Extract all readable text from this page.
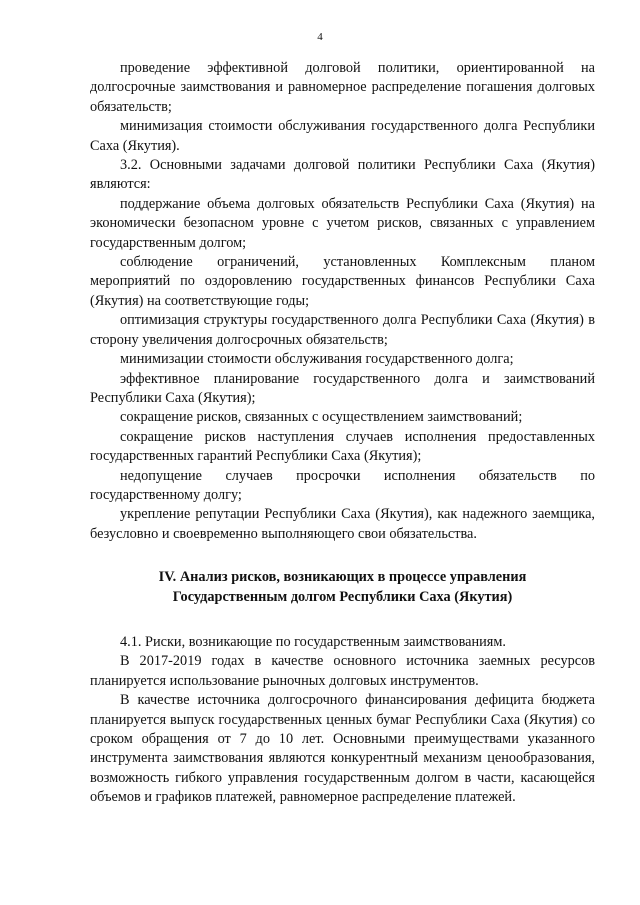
4

проведение эффективной долговой политики, ориентированной на долгосрочные заимствования и равномерное распределение погашения долговых обязательств;

минимизация стоимости обслуживания государственного долга Республики Саха (Якутия).

3.2. Основными задачами долговой политики Республики Саха (Якутия) являются:

поддержание объема долговых обязательств Республики Саха (Якутия) на экономически безопасном уровне с учетом рисков, связанных с управлением государственным долгом;

соблюдение ограничений, установленных Комплексным планом мероприятий по оздоровлению государственных финансов Республики Саха (Якутия) на соответствующие годы;

оптимизация структуры государственного долга Республики Саха (Якутия) в сторону увеличения долгосрочных обязательств;

минимизации стоимости обслуживания государственного долга;

эффективное планирование государственного долга и заимствований Республики Саха (Якутия);

сокращение рисков, связанных с осуществлением заимствований;

сокращение рисков наступления случаев исполнения предоставленных государственных гарантий Республики Саха (Якутия);

недопущение случаев просрочки исполнения обязательств по государственному долгу;

укрепление репутации Республики Саха (Якутия), как надежного заемщика, безусловно и своевременно выполняющего свои обязательства.

IV. Анализ рисков, возникающих в процессе управления
Государственным долгом Республики Саха (Якутия)

4.1. Риски, возникающие по государственным заимствованиям.

В 2017-2019 годах в качестве основного источника заемных ресурсов планируется использование рыночных долговых инструментов.

В качестве источника долгосрочного финансирования дефицита бюджета планируется выпуск государственных ценных бумаг Республики Саха (Якутия) со сроком обращения от 7 до 10 лет. Основными преимуществами указанного инструмента заимствования являются конкурентный механизм ценообразования, возможность гибкого управления государственным долгом в части, касающейся объемов и графиков платежей, равномерное распределение платежей.
